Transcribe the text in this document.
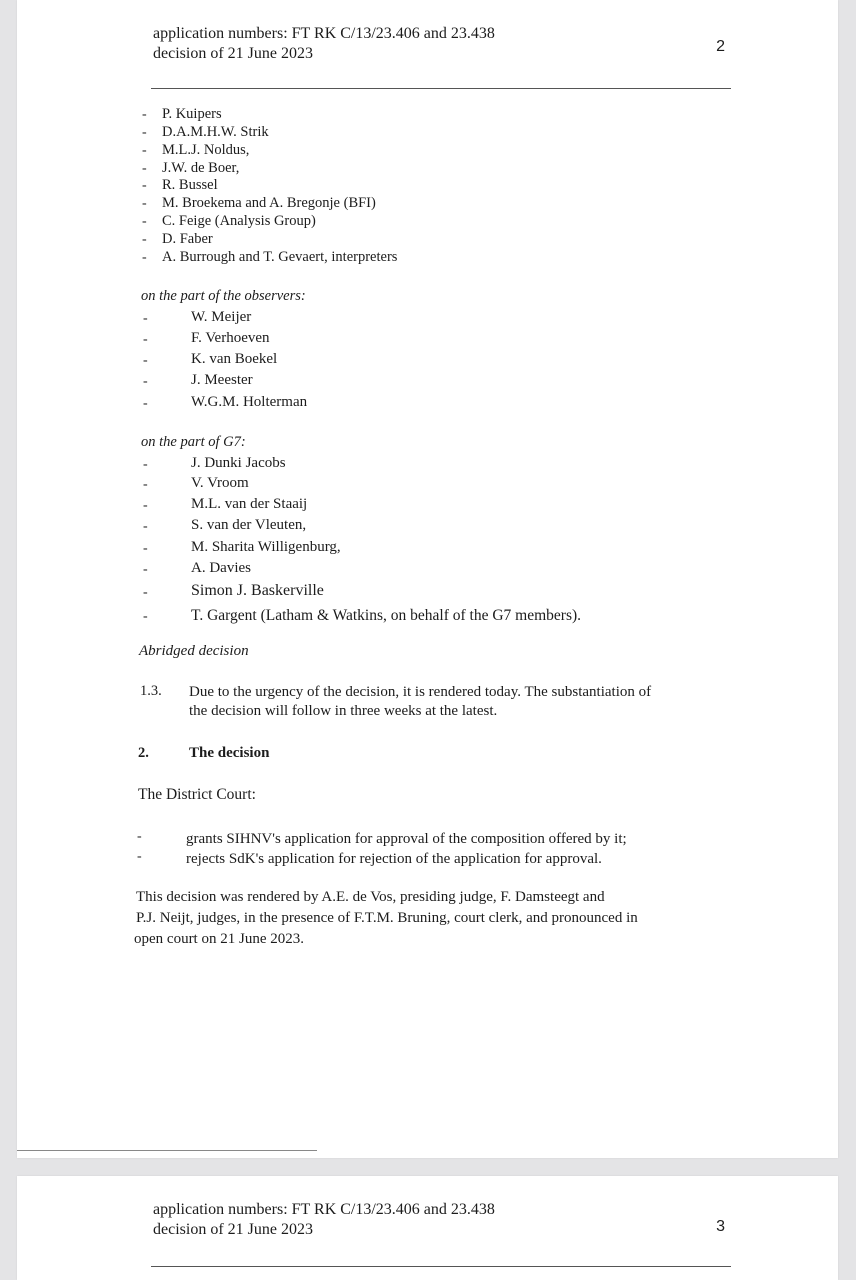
application numbers: FT RK C/13/23.406 and 23.438
decision of 21 June 2023	2
- P. Kuipers
- D.A.M.H.W. Strik
- M.L.J. Noldus,
- J.W. de Boer,
- R. Bussel
- M. Broekema and A. Bregonje (BFI)
- C. Feige (Analysis Group)
- D. Faber
- A. Burrough and T. Gevaert, interpreters
on the part of the observers:
-	W. Meijer
-	F. Verhoeven
-	K. van Boekel
-	J. Meester
-	W.G.M. Holterman
on the part of G7:
-	J. Dunki Jacobs
-	V. Vroom
-	M.L. van der Staaij
-	S. van der Vleuten,
-	M. Sharita Willigenburg,
-	A. Davies
-	Simon J. Baskerville
-	T. Gargent (Latham & Watkins, on behalf of the G7 members).
Abridged decision
1.3. Due to the urgency of the decision, it is rendered today. The substantiation of
the decision will follow in three weeks at the latest.
2.	The decision
The District Court:
-	grants SIHNV's application for approval of the composition offered by it;
-	rejects SdK's application for rejection of the application for approval.
This decision was rendered by A.E. de Vos, presiding judge, F. Damsteegt and
P.J. Neijt, judges, in the presence of F.T.M. Bruning, court clerk, and pronounced in
open court on 21 June 2023.
application numbers: FT RK C/13/23.406 and 23.438
decision of 21 June 2023	3
